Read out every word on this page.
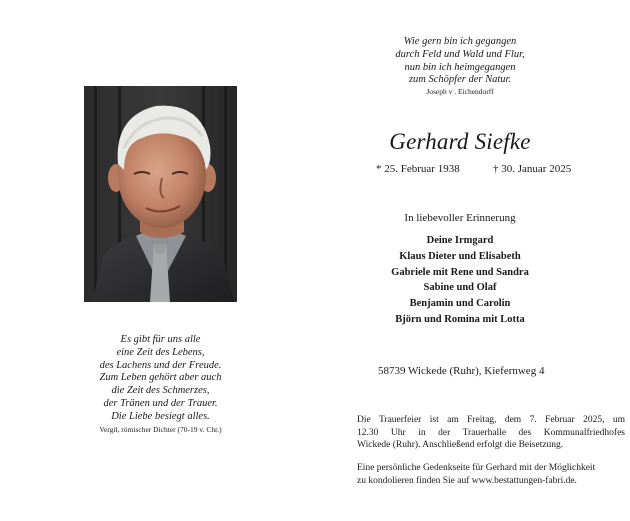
Wie gern bin ich gegangen
durch Feld und Wald und Flur,
nun bin ich heimgegangen
zum Schöpfer der Natur.
Joseph v . Eichendorff
Gerhard Siefke
* 25. Februar 1938	† 30. Januar 2025
In liebevoller Erinnerung
Deine Irmgard
Klaus Dieter und Elisabeth
Gabriele mit Rene und Sandra
Sabine und Olaf
Benjamin und Carolin
Björn und Romina mit Lotta
58739 Wickede (Ruhr), Kiefernweg 4
Die Trauerfeier ist am Freitag, dem 7. Februar 2025, um
12.30 Uhr in der Trauerhalle des Kommunalfriedhofes
Wickede (Ruhr). Anschließend erfolgt die Beisetzung.
Eine persönliche Gedenkseite für Gerhard mit der Möglichkeit
zu kondolieren finden Sie auf www.bestattungen-fabri.de.
Es gibt für uns alle
eine Zeit des Lebens,
des Lachens und der Freude.
Zum Leben gehört aber auch
die Zeit des Schmerzes,
der Tränen und der Trauer.
Die Liebe besiegt alles.
Vergil, römischer Dichter (70-19 v. Chr.)
